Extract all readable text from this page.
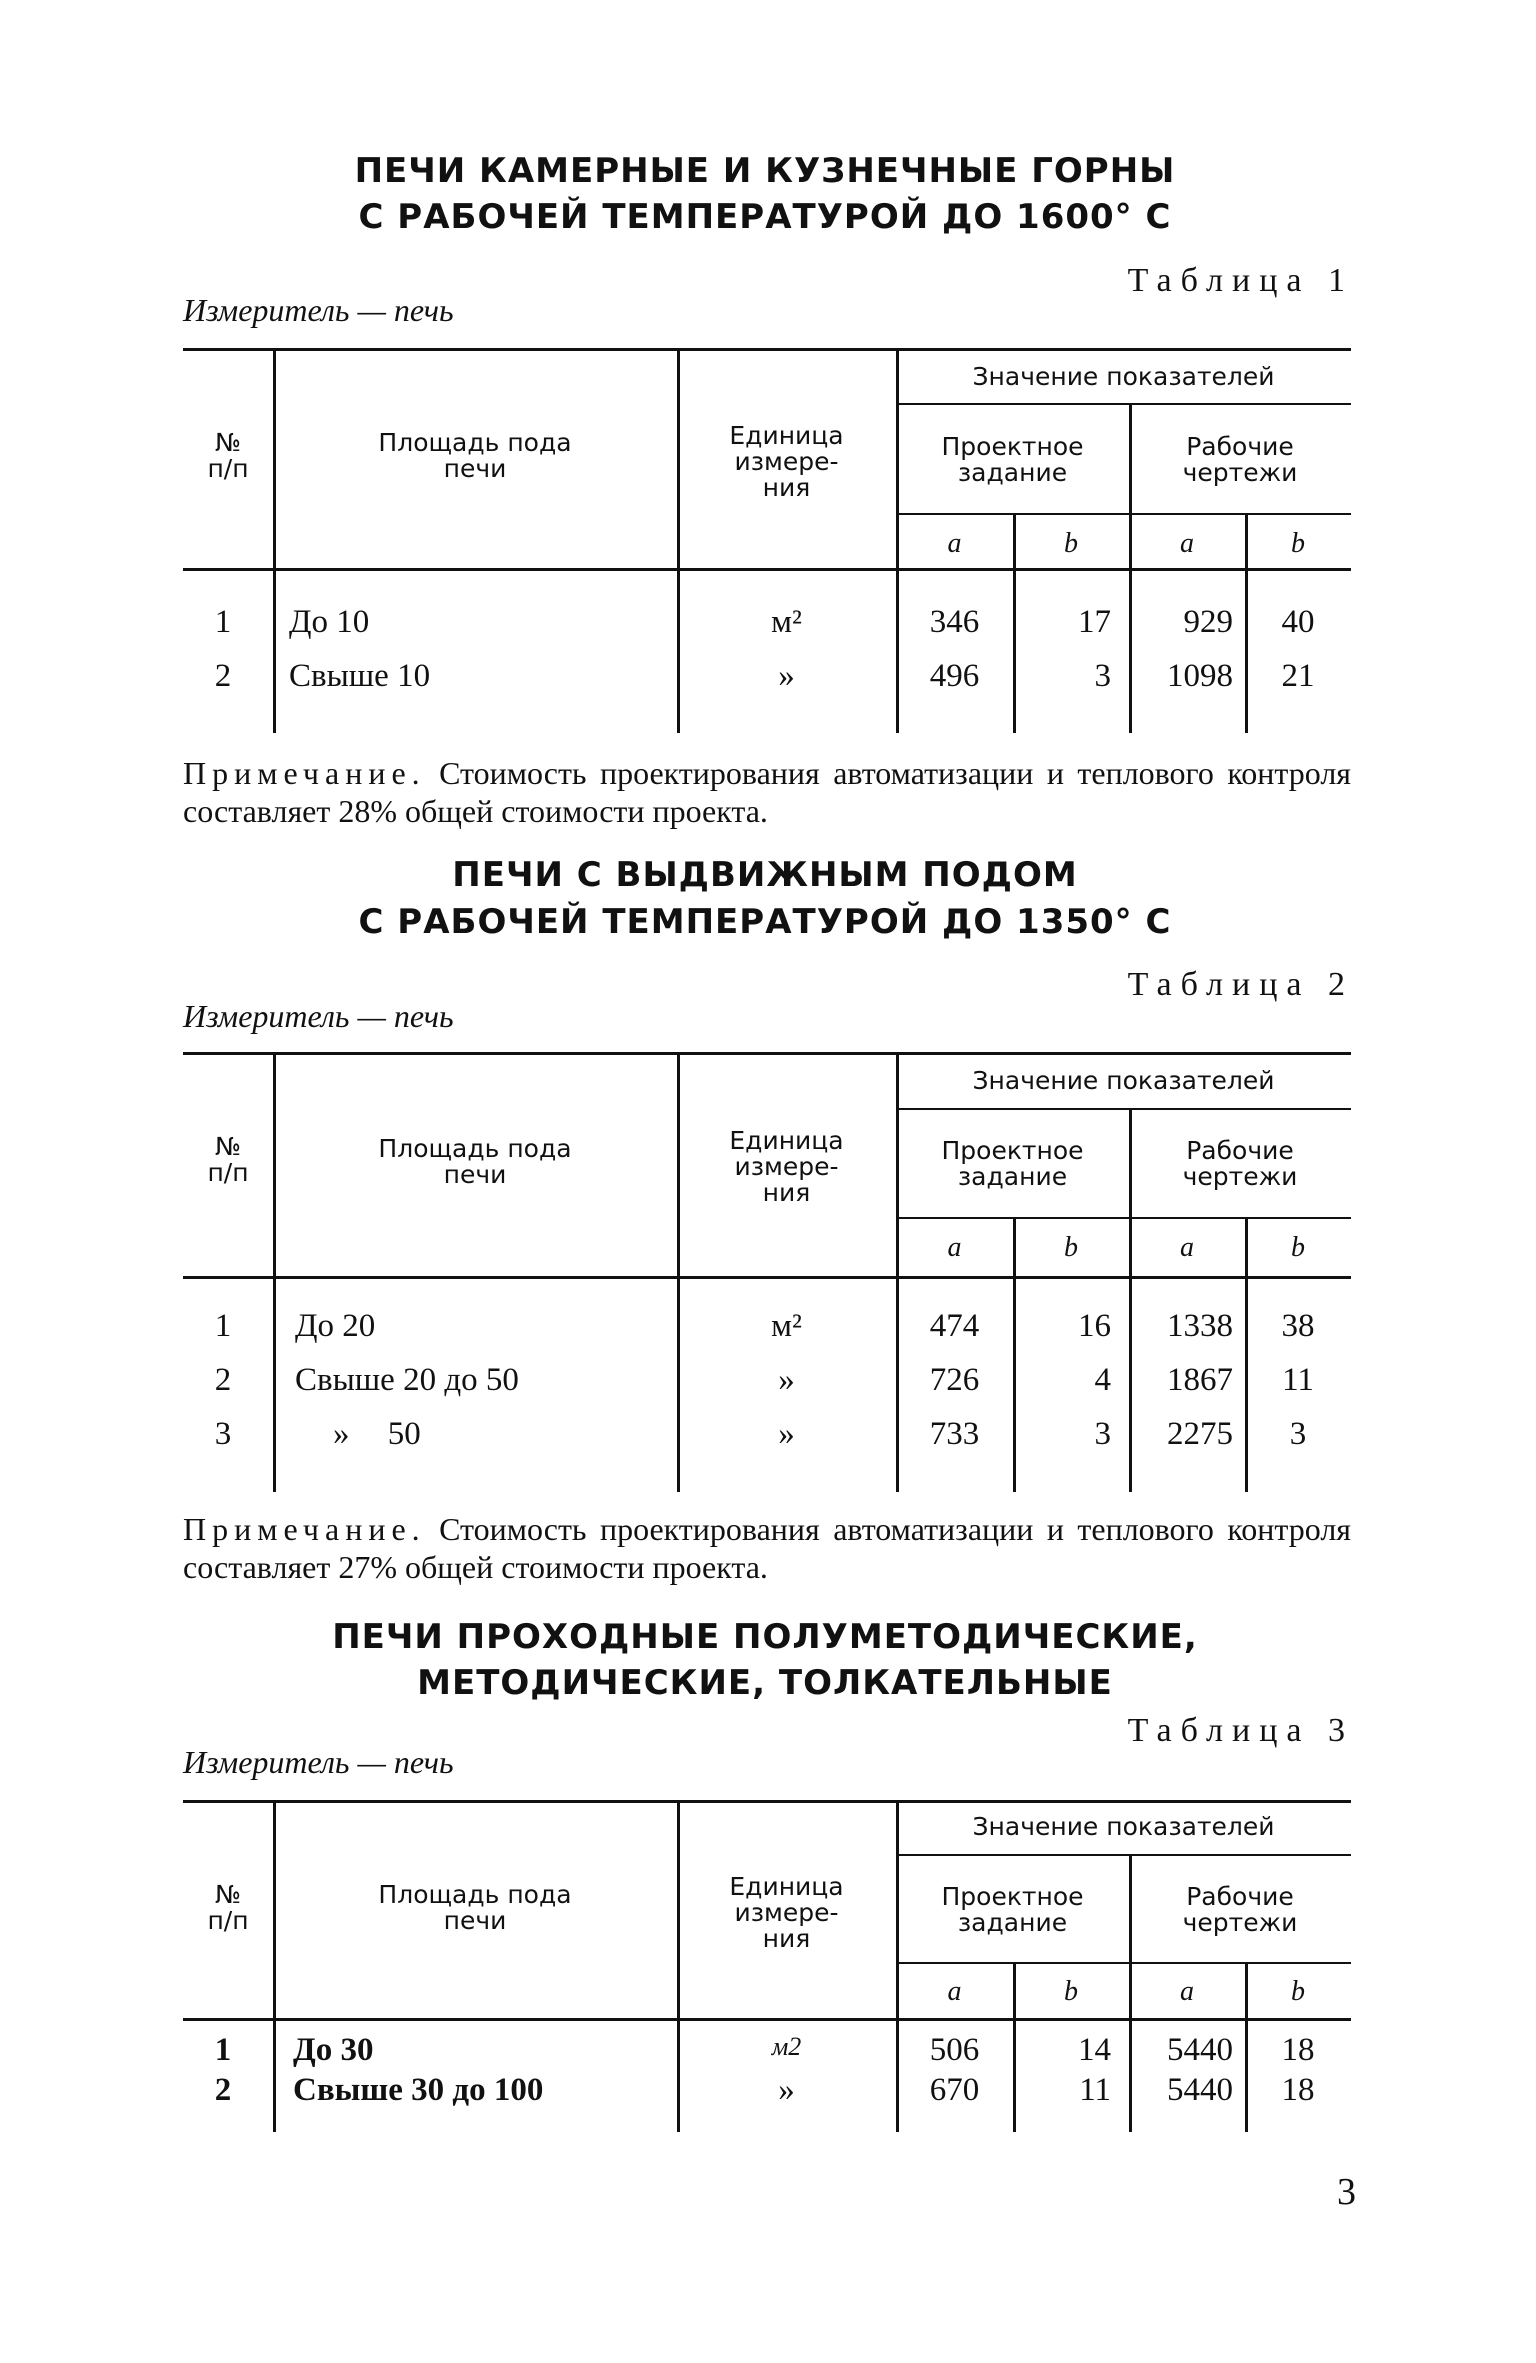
ПЕЧИ КАМЕРНЫЕ И КУЗНЕЧНЫЕ ГОРНЫ
С РАБОЧЕЙ ТЕМПЕРАТУРОЙ ДО 1600° С
Таблица 1
Измеритель — печь
№
п/п
Площадь пода
печи
Единица
измере-
ния
Значение показателей
Проектное
задание
Рабочие
чертежи
a	b	a	b
1	До 10	м²	346	17	929	40
2	Свыше 10	»	496	3	1098	21
Примечание. Стоимость проектирования автоматизации и теплового контроля составляет 28% общей стоимости проекта.
ПЕЧИ С ВЫДВИЖНЫМ ПОДОМ
С РАБОЧЕЙ ТЕМПЕРАТУРОЙ ДО 1350° С
Таблица 2
Измеритель — печь
№
п/п
Площадь пода
печи
Единица
измере-
ния
Значение показателей
Проектное
задание
Рабочие
чертежи
a	b	a	b
1	До 20	м²	474	16	1338	38
2	Свыше 20 до 50	»	726	4	1867	11
3	» 50	»	733	3	2275	3
Примечание. Стоимость проектирования автоматизации и теплового контроля составляет 27% общей стоимости проекта.
ПЕЧИ ПРОХОДНЫЕ ПОЛУМЕТОДИЧЕСКИЕ,
МЕТОДИЧЕСКИЕ, ТОЛКАТЕЛЬНЫЕ
Таблица 3
Измеритель — печь
№
п/п
Площадь пода
печи
Единица
измере-
ния
Значение показателей
Проектное
задание
Рабочие
чертежи
a	b	a	b
1	До 30	м2	506	14	5440	18
2	Свыше 30 до 100	»	670	11	5440	18
3
